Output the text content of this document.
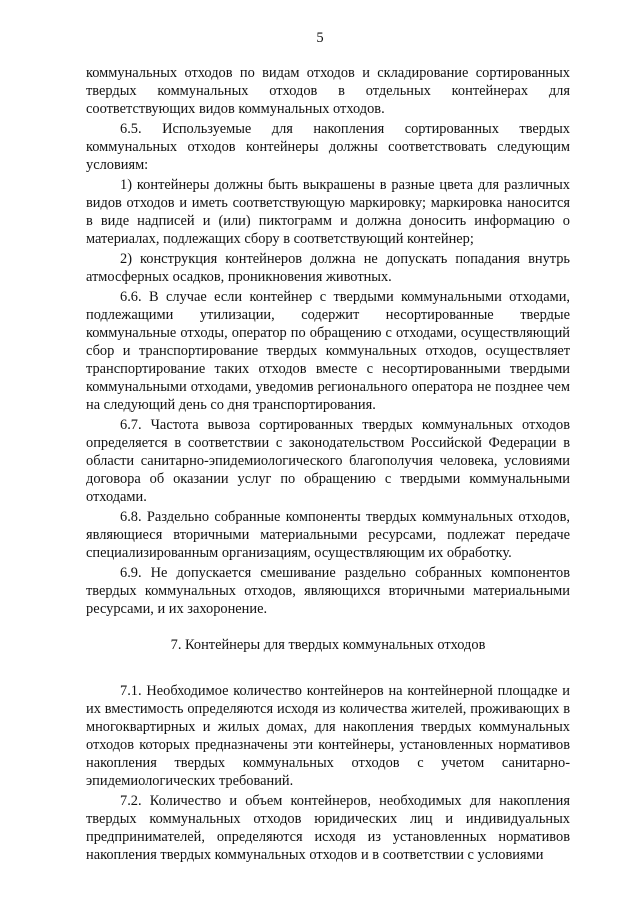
5

коммунальных отходов по видам отходов и складирование сортированных твердых коммунальных отходов в отдельных контейнерах для соответствующих видов коммунальных отходов.

6.5. Используемые для накопления сортированных твердых коммунальных отходов контейнеры должны соответствовать следующим условиям:

1) контейнеры должны быть выкрашены в разные цвета для различных видов отходов и иметь соответствующую маркировку; маркировка наносится в виде надписей и (или) пиктограмм и должна доносить информацию о материалах, подлежащих сбору в соответствующий контейнер;

2) конструкция контейнеров должна не допускать попадания внутрь атмосферных осадков, проникновения животных.

6.6. В случае если контейнер с твердыми коммунальными отходами, подлежащими утилизации, содержит несортированные твердые коммунальные отходы, оператор по обращению с отходами, осуществляющий сбор и транспортирование твердых коммунальных отходов, осуществляет транспортирование таких отходов вместе с несортированными твердыми коммунальными отходами, уведомив регионального оператора не позднее чем на следующий день со дня транспортирования.

6.7. Частота вывоза сортированных твердых коммунальных отходов определяется в соответствии с законодательством Российской Федерации в области санитарно-эпидемиологического благополучия человека, условиями договора об оказании услуг по обращению с твердыми коммунальными отходами.

6.8. Раздельно собранные компоненты твердых коммунальных отходов, являющиеся вторичными материальными ресурсами, подлежат передаче специализированным организациям, осуществляющим их обработку.

6.9. Не допускается смешивание раздельно собранных компонентов твердых коммунальных отходов, являющихся вторичными материальными ресурсами, и их захоронение.

7. Контейнеры для твердых коммунальных отходов

7.1. Необходимое количество контейнеров на контейнерной площадке и их вместимость определяются исходя из количества жителей, проживающих в многоквартирных и жилых домах, для накопления твердых коммунальных отходов которых предназначены эти контейнеры, установленных нормативов накопления твердых коммунальных отходов с учетом санитарно-эпидемиологических требований.

7.2. Количество и объем контейнеров, необходимых для накопления твердых коммунальных отходов юридических лиц и индивидуальных предпринимателей, определяются исходя из установленных нормативов накопления твердых коммунальных отходов и в соответствии с условиями
